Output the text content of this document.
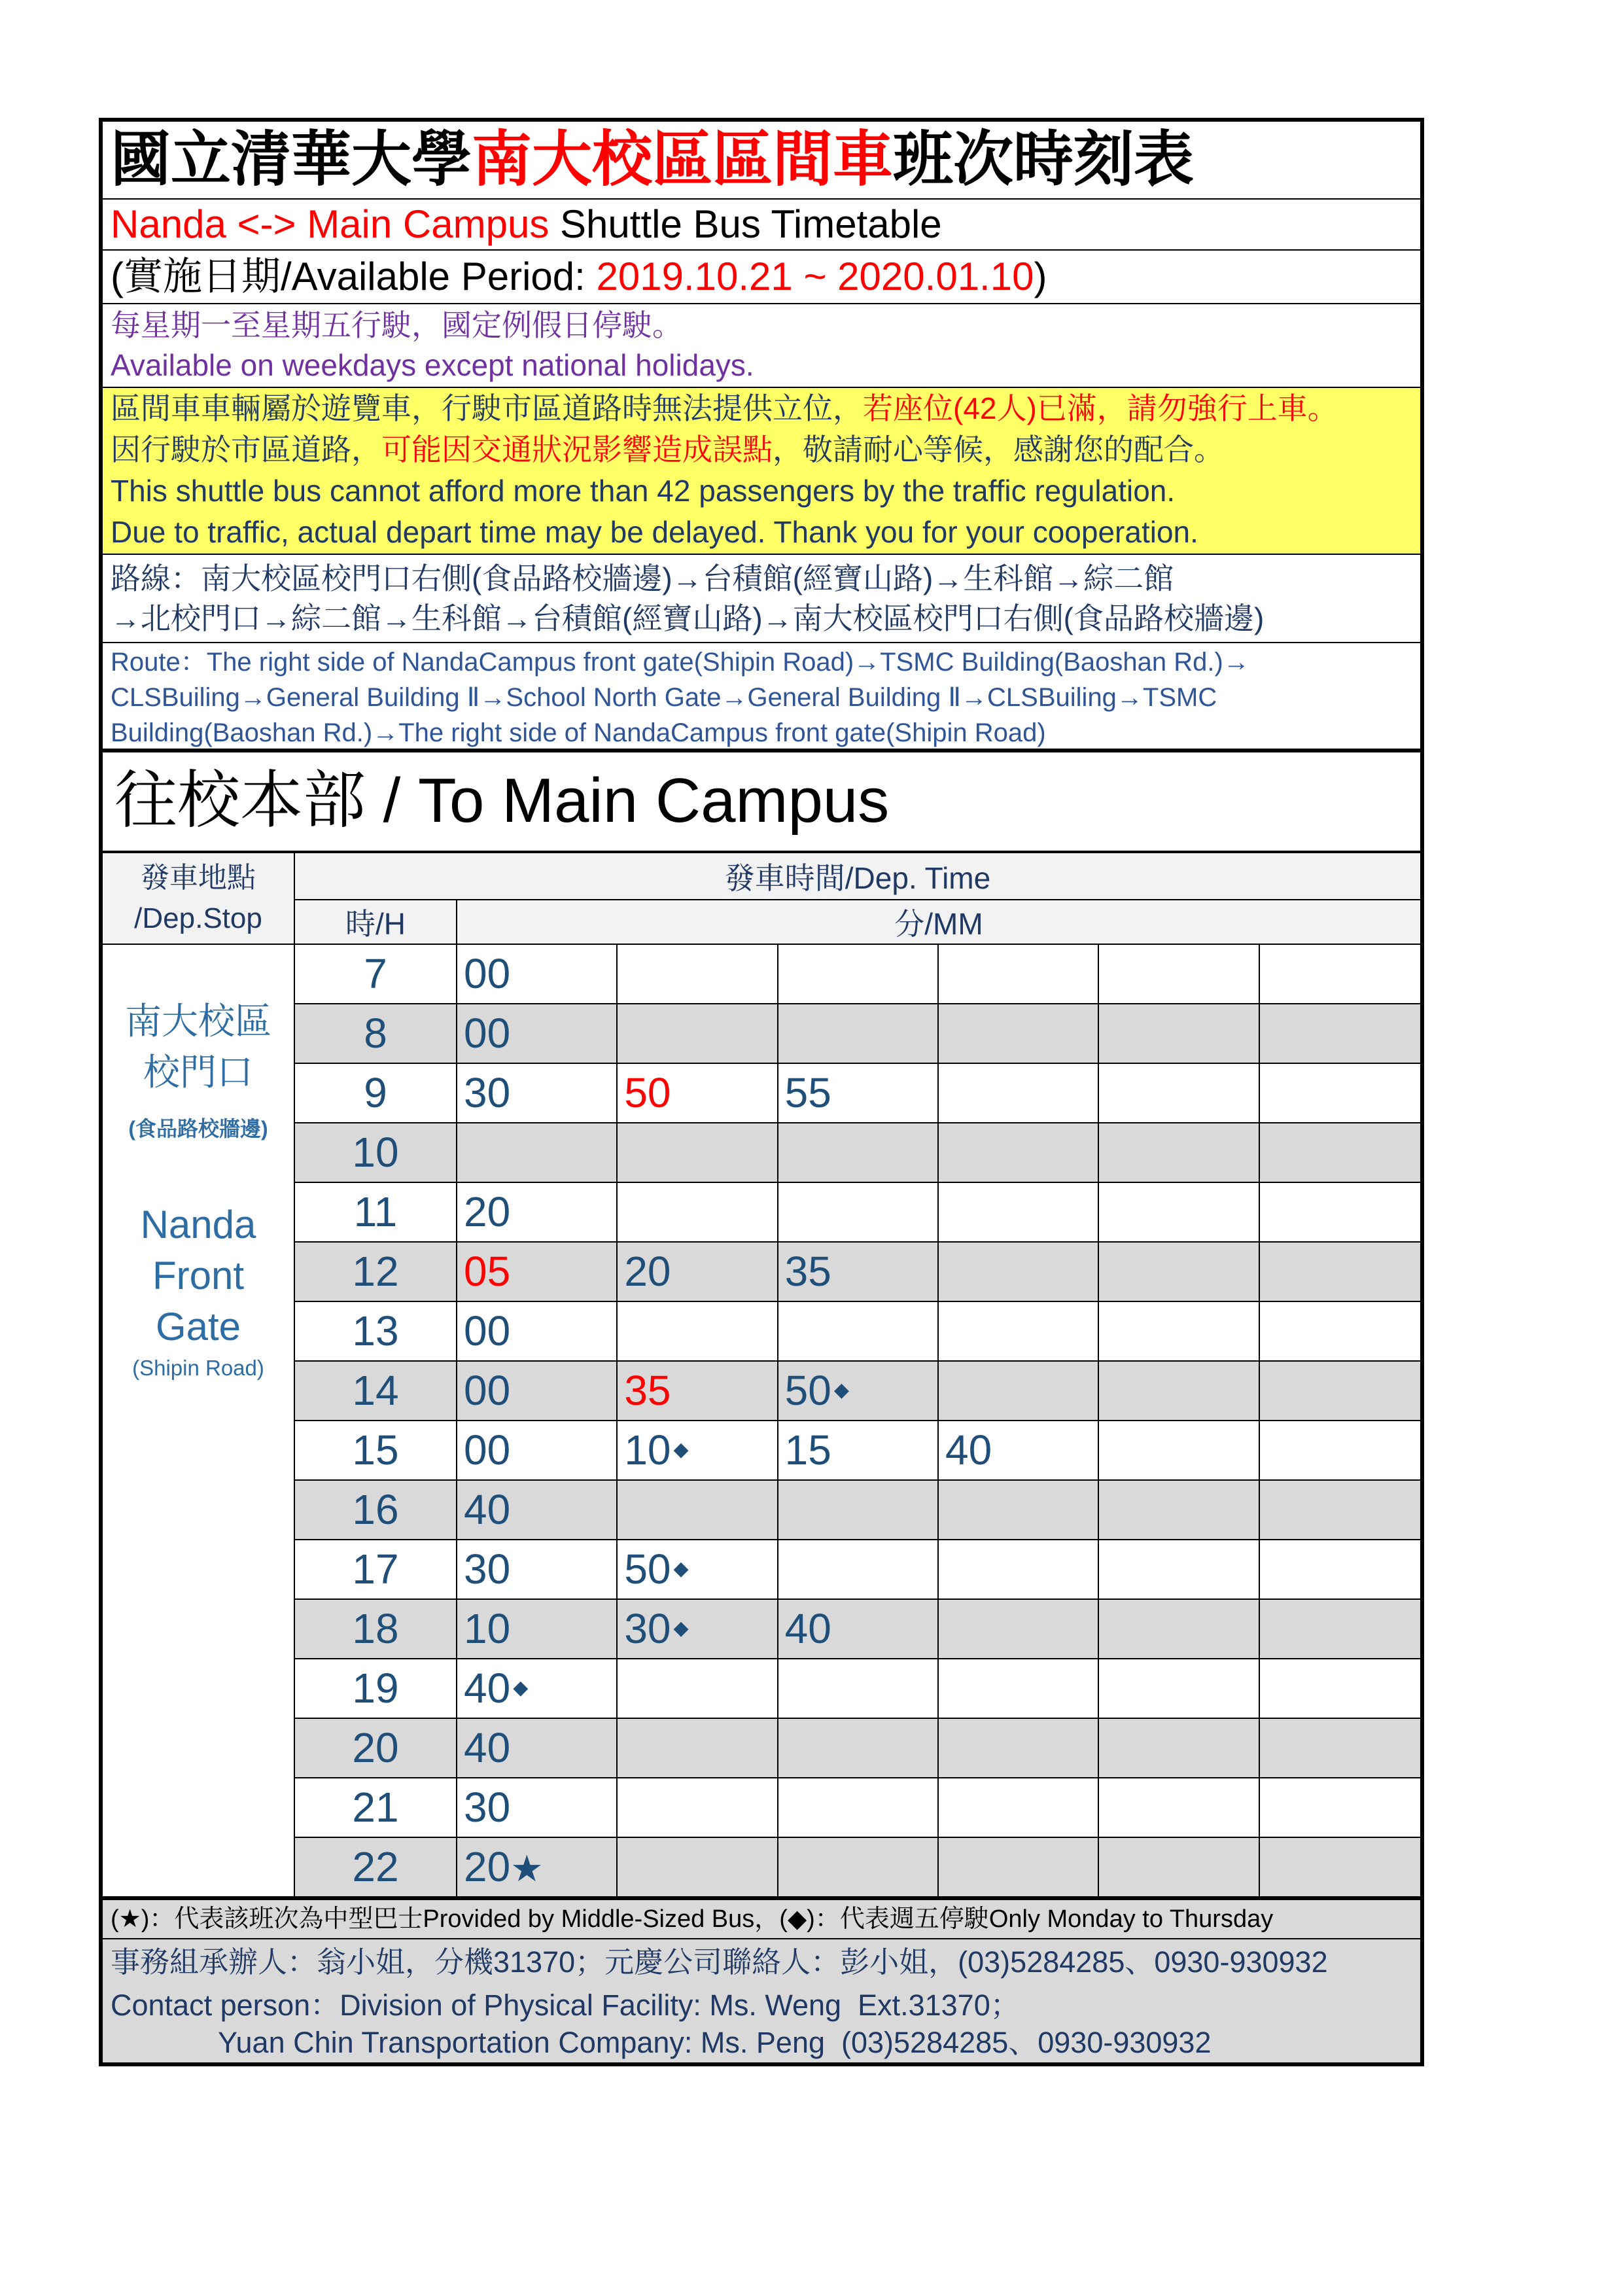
國立清華大學南大校區區間車班次時刻表
Nanda <-> Main Campus Shuttle Bus Timetable
(實施日期/Available Period: 2019.10.21 ~ 2020.01.10)
每星期一至星期五行駛，國定例假日停駛。
Available on weekdays except national holidays.
區間車車輛屬於遊覽車，行駛市區道路時無法提供立位，若座位(42人)已滿，請勿強行上車。
因行駛於市區道路，可能因交通狀況影響造成誤點，敬請耐心等候，感謝您的配合。
This shuttle bus cannot afford more than 42 passengers by the traffic regulation.
Due to traffic, actual depart time may be delayed. Thank you for your cooperation.
路線：南大校區校門口右側(食品路校牆邊)→台積館(經寶山路)→生科館→綜二館
→北校門口→綜二館→生科館→台積館(經寶山路)→南大校區校門口右側(食品路校牆邊)
Route：The right side of NandaCampus front gate(Shipin Road)→TSMC Building(Baoshan Rd.)→
CLSBuiling→General Building Ⅱ→School North Gate→General Building Ⅱ→CLSBuiling→TSMC
Building(Baoshan Rd.)→The right side of NandaCampus front gate(Shipin Road)
往校本部 / To Main Campus
發車地點
/Dep.Stop
發車時間/Dep. Time
時/H	分/MM
南大校區
校門口
(食品路校牆邊)
Nanda
Front
Gate
(Shipin Road)
7	00
8	00
9	30	50	55
10
11	20
12	05	20	35
13	00
14	00	35	50 ◆
15	00	10 ◆	15	40
16	40
17	30	50 ◆
18	10	30 ◆	40
19	40 ◆
20	40
21	30
22	20★
(★)：代表該班次為中型巴士Provided by Middle-Sized Bus，(◆)：代表週五停駛Only Monday to Thursday
事務組承辦人：翁小姐，分機31370；元慶公司聯絡人：彭小姐，(03)5284285、0930-930932
Contact person：Division of Physical Facility: Ms. Weng  Ext.31370；
Yuan Chin Transportation Company: Ms. Peng  (03)5284285、0930-930932
